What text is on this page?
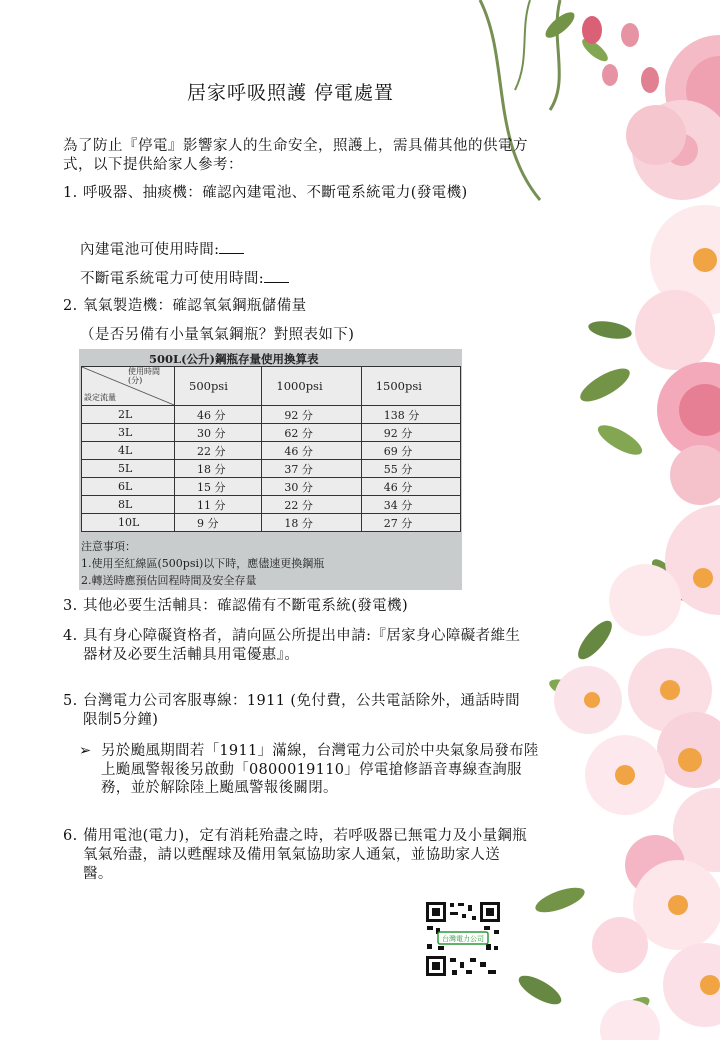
居家呼吸照護 停電處置
為了防止『停電』影響家人的生命安全，照護上，需具備其他的供電方式，以下提供給家人參考：
1. 呼吸器、抽痰機：確認內建電池、不斷電系統電力(發電機)
內建電池可使用時間:
不斷電系統電力可使用時間:
2. 氧氣製造機：確認氧氣鋼瓶儲備量
（是否另備有小量氧氣鋼瓶？對照表如下)
3. 其他必要生活輔具：確認備有不斷電系統(發電機)
4. 具有身心障礙資格者，請向區公所提出申請:『居家身心障礙者維生器材及必要生活輔具用電優惠』。
5. 台灣電力公司客服專線：1911 (免付費，公共電話除外，通話時間限制5分鐘)
➢ 另於颱風期間若「1911」滿線，台灣電力公司於中央氣象局發布陸上颱風警報後另啟動「0800019110」停電搶修語音專線查詢服務，並於解除陸上颱風警報後關閉。
6. 備用電池(電力)，定有消耗殆盡之時，若呼吸器已無電力及小量鋼瓶氧氣殆盡，請以甦醒球及備用氧氣協助家人通氣，並協助家人送醫。
500L(公升)鋼瓶存量使用換算表
使用時間
(分)
設定流量	500psi	1000psi	1500psi
2L	46 分	92 分	138 分
3L	30 分	62 分	92 分
4L	22 分	46 分	69 分
5L	18 分	37 分	55 分
6L	15 分	30 分	46 分
8L	11 分	22 分	34 分
10L	9 分	18 分	27 分
注意事項：
1.使用至紅線區(500psi)以下時，應儘速更換鋼瓶
2.轉送時應預估回程時間及安全存量
台灣電力公司
